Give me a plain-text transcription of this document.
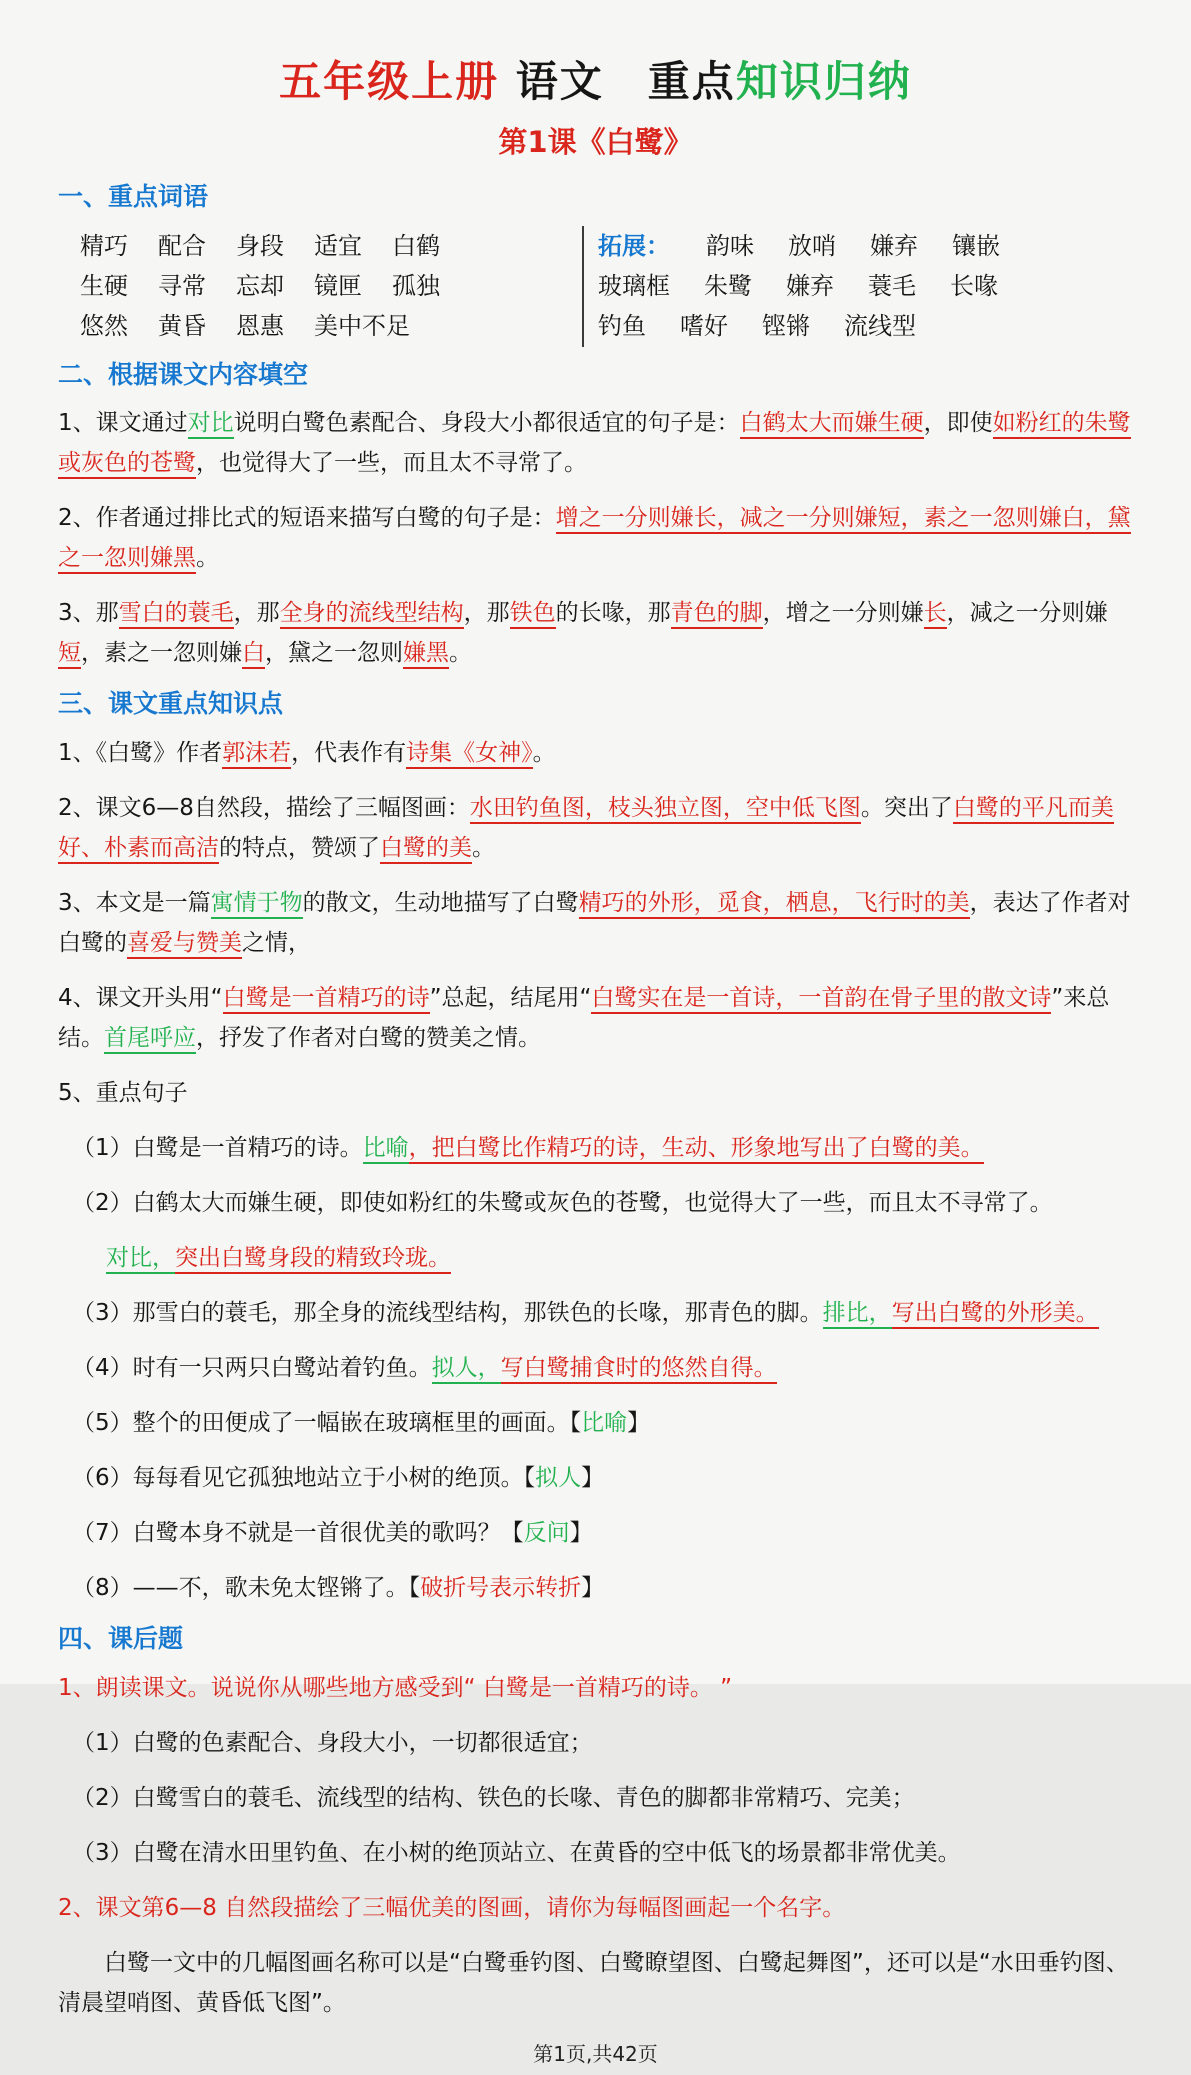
五年级上册 语文　重点知识归纳
第1课《白鹭》
一、重点词语
精巧 配合 身段 适宜 白鹤
生硬 寻常 忘却 镜匣 孤独
悠然 黄昏 恩惠 美中不足
拓展： 韵味 放哨 嫌弃 镶嵌
玻璃框 朱鹭 嫌弃 蓑毛 长喙
钓鱼 嗜好 铿锵 流线型
二、根据课文内容填空
1、课文通过对比说明白鹭色素配合、身段大小都很适宜的句子是：白鹤太大而嫌生硬，即使如粉红的朱鹭或灰色的苍鹭，也觉得大了一些，而且太不寻常了。
2、作者通过排比式的短语来描写白鹭的句子是：增之一分则嫌长，减之一分则嫌短，素之一忽则嫌白，黛之一忽则嫌黑。
3、那雪白的蓑毛，那全身的流线型结构，那铁色的长喙，那青色的脚，增之一分则嫌长，减之一分则嫌短，素之一忽则嫌白，黛之一忽则嫌黑。
三、课文重点知识点
1、《白鹭》作者郭沫若，代表作有诗集《女神》。
2、课文6—8自然段，描绘了三幅图画：水田钓鱼图，枝头独立图，空中低飞图。突出了白鹭的平凡而美好、朴素而高洁的特点，赞颂了白鹭的美。
3、本文是一篇寓情于物的散文，生动地描写了白鹭精巧的外形，觅食，栖息，飞行时的美，表达了作者对白鹭的喜爱与赞美之情，
4、课文开头用“白鹭是一首精巧的诗”总起，结尾用“白鹭实在是一首诗，一首韵在骨子里的散文诗”来总结。首尾呼应，抒发了作者对白鹭的赞美之情。
5、重点句子
（1）白鹭是一首精巧的诗。比喻，把白鹭比作精巧的诗，生动、形象地写出了白鹭的美。
（2）白鹤太大而嫌生硬，即使如粉红的朱鹭或灰色的苍鹭，也觉得大了一些，而且太不寻常了。
对比，突出白鹭身段的精致玲珑。
（3）那雪白的蓑毛，那全身的流线型结构，那铁色的长喙，那青色的脚。排比，写出白鹭的外形美。
（4）时有一只两只白鹭站着钓鱼。拟人，写白鹭捕食时的悠然自得。
（5）整个的田便成了一幅嵌在玻璃框里的画面。【比喻】
（6）每每看见它孤独地站立于小树的绝顶。【拟人】
（7）白鹭本身不就是一首很优美的歌吗？【反问】
（8）——不，歌未免太铿锵了。【破折号表示转折】
四、课后题
1、朗读课文。说说你从哪些地方感受到“ 白鹭是一首精巧的诗。 ”
（1）白鹭的色素配合、身段大小，一切都很适宜；
（2）白鹭雪白的蓑毛、流线型的结构、铁色的长喙、青色的脚都非常精巧、完美；
（3）白鹭在清水田里钓鱼、在小树的绝顶站立、在黄昏的空中低飞的场景都非常优美。
2、课文第6—8 自然段描绘了三幅优美的图画，请你为每幅图画起一个名字。
白鹭一文中的几幅图画名称可以是“白鹭垂钓图、白鹭瞭望图、白鹭起舞图”，还可以是“水田垂钓图、清晨望哨图、黄昏低飞图”。
第1页,共42页
